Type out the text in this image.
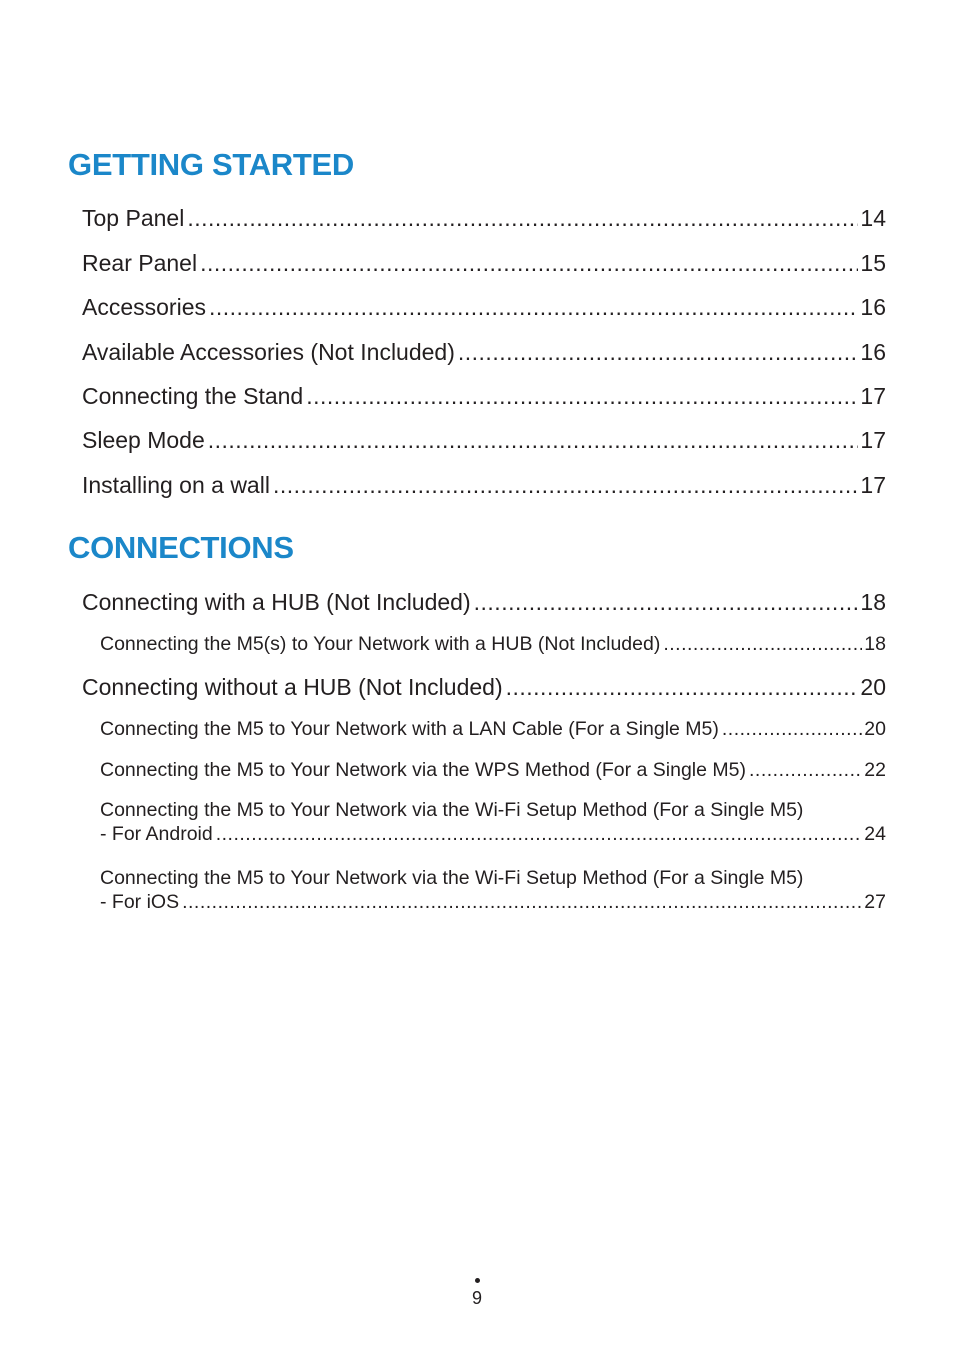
GETTING STARTED
Top Panel .....	14
Rear Panel .....	15
Accessories .....	16
Available Accessories (Not Included) .....	16
Connecting the Stand .....	17
Sleep Mode .....	17
Installing on a wall .....	17
CONNECTIONS
Connecting with a HUB (Not Included) .....	18
Connecting the M5(s) to Your Network with a HUB (Not Included) .....	18
Connecting without a HUB (Not Included) .....	20
Connecting the M5 to Your Network with a LAN Cable (For a Single M5) .....	20
Connecting the M5 to Your Network via the WPS Method (For a Single M5) .....	22
Connecting the M5 to Your Network via the Wi-Fi Setup Method (For a Single M5)
- For Android .....	24
Connecting the M5 to Your Network via the Wi-Fi Setup Method (For a Single M5)
- For iOS .....	27
9
